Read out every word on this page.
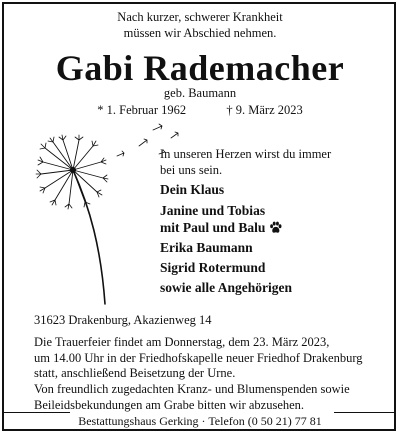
Nach kurzer, schwerer Krankheit
müssen wir Abschied nehmen.
Gabi Rademacher
geb. Baumann
* 1. Februar 1962	† 9. März 2023
In unseren Herzen wirst du immer
bei uns sein.
Dein Klaus
Janine und Tobias
mit Paul und Balu
Erika Baumann
Sigrid Rotermund
sowie alle Angehörigen
31623 Drakenburg, Akazienweg 14
Die Trauerfeier findet am Donnerstag, dem 23. März 2023,
um 14.00 Uhr in der Friedhofskapelle neuer Friedhof Drakenburg
statt, anschließend Beisetzung der Urne.
Von freundlich zugedachten Kranz- und Blumenspenden sowie
Beileidsbekundungen am Grabe bitten wir abzusehen.
Bestattungshaus Gerking · Telefon (0 50 21) 77 81
